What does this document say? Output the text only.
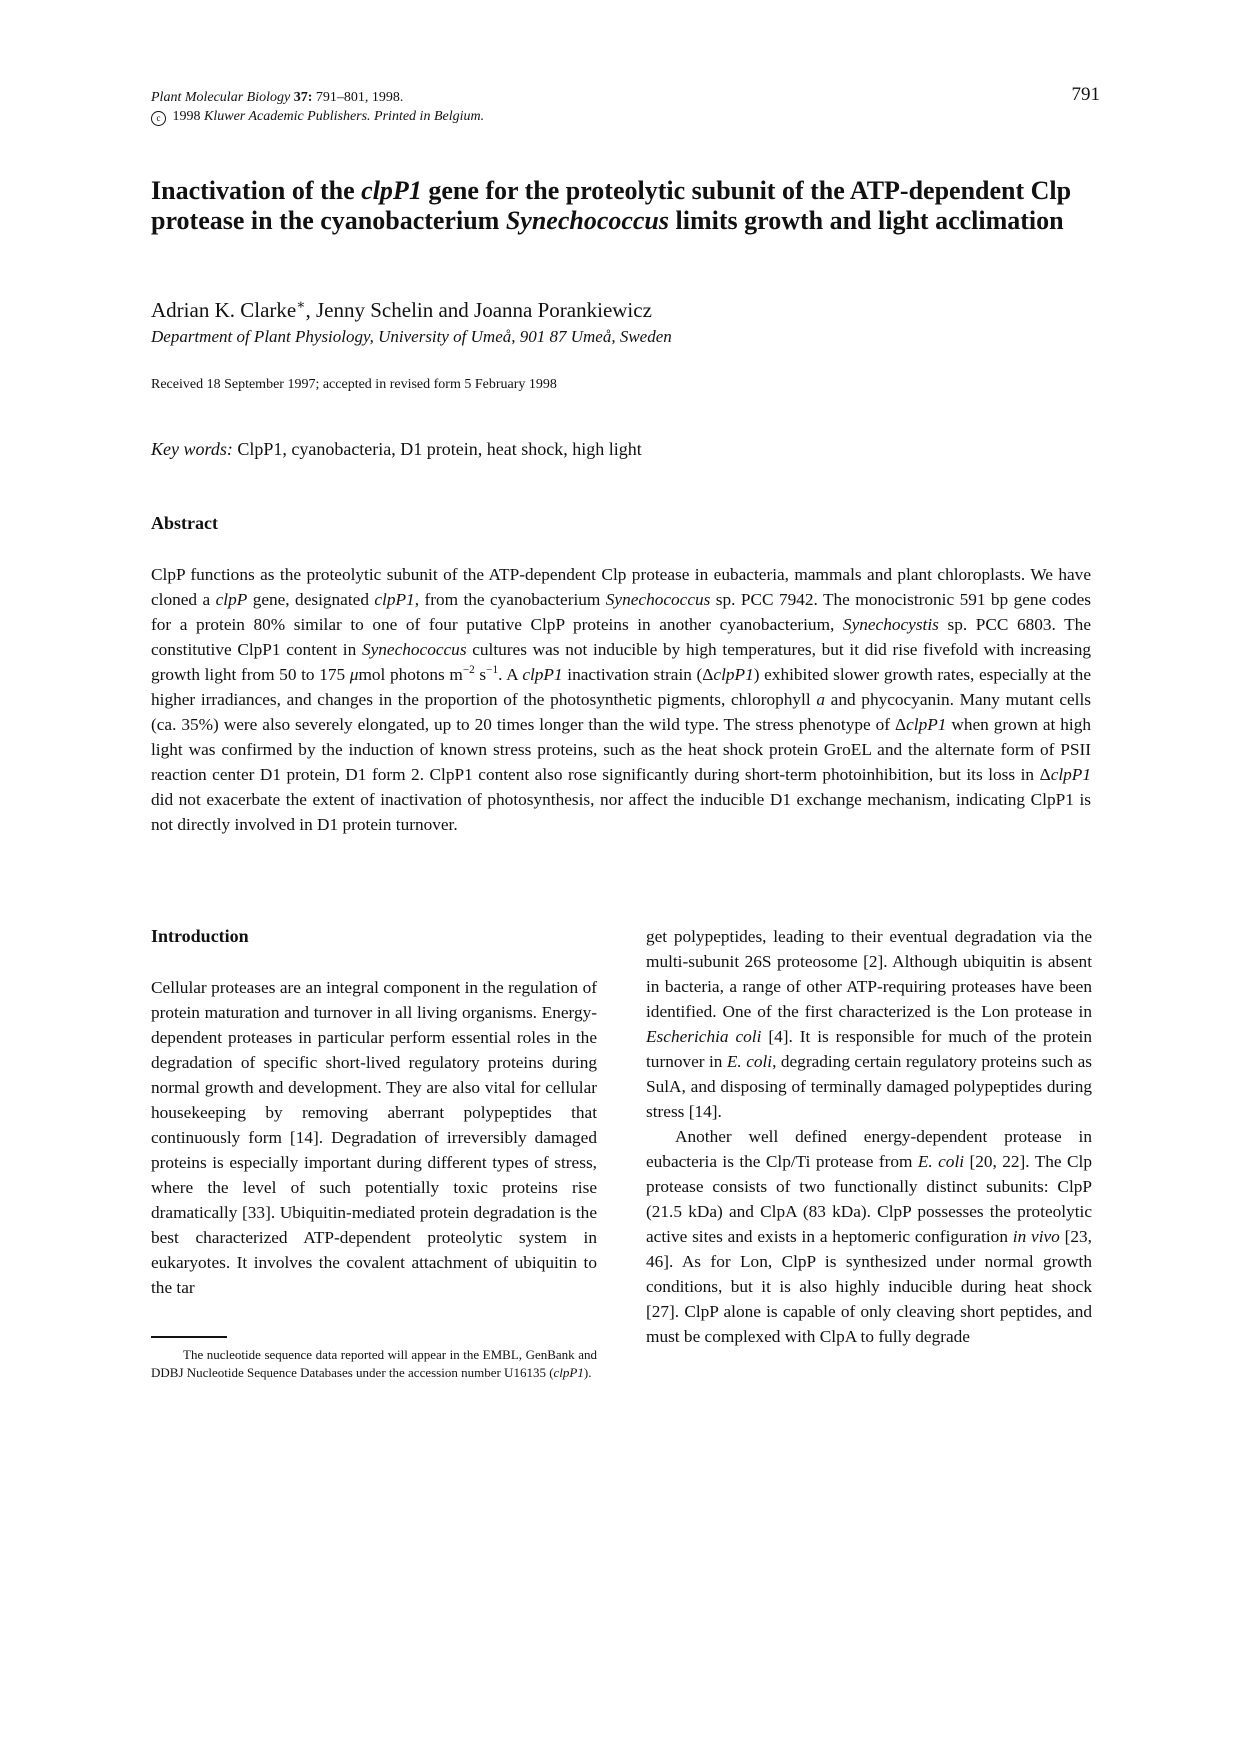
Plant Molecular Biology 37: 791–801, 1998.
c 1998 Kluwer Academic Publishers. Printed in Belgium.
791
Inactivation of the clpP1 gene for the proteolytic subunit of the ATP-dependent Clp protease in the cyanobacterium Synechococcus limits growth and light acclimation
Adrian K. Clarke∗, Jenny Schelin and Joanna Porankiewicz
Department of Plant Physiology, University of Umeå, 901 87 Umeå, Sweden
Received 18 September 1997; accepted in revised form 5 February 1998
Key words: ClpP1, cyanobacteria, D1 protein, heat shock, high light
Abstract
ClpP functions as the proteolytic subunit of the ATP-dependent Clp protease in eubacteria, mammals and plant chloroplasts. We have cloned a clpP gene, designated clpP1, from the cyanobacterium Synechococcus sp. PCC 7942. The monocistronic 591 bp gene codes for a protein 80% similar to one of four putative ClpP proteins in another cyanobacterium, Synechocystis sp. PCC 6803. The constitutive ClpP1 content in Synechococcus cultures was not inducible by high temperatures, but it did rise fivefold with increasing growth light from 50 to 175 μmol photons $m^{-2}$ $s^{-1}$. A clpP1 inactivation strain (ΔclpP1) exhibited slower growth rates, especially at the higher irradiances, and changes in the proportion of the photosynthetic pigments, chlorophyll a and phycocyanin. Many mutant cells (ca. 35%) were also severely elongated, up to 20 times longer than the wild type. The stress phenotype of ΔclpP1 when grown at high light was confirmed by the induction of known stress proteins, such as the heat shock protein GroEL and the alternate form of PSII reaction center D1 protein, D1 form 2. ClpP1 content also rose significantly during short-term photoinhibition, but its loss in ΔclpP1 did not exacerbate the extent of inactivation of photosynthesis, nor affect the inducible D1 exchange mechanism, indicating ClpP1 is not directly involved in D1 protein turnover.
Introduction

Cellular proteases are an integral component in the regulation of protein maturation and turnover in all living organisms. Energy-dependent proteases in particular perform essential roles in the degradation of specific short-lived regulatory proteins during normal growth and development. They are also vital for cellular housekeeping by removing aberrant polypeptides that continuously form [14]. Degradation of irreversibly damaged proteins is especially important during different types of stress, where the level of such potentially toxic proteins rise dramatically [33]. Ubiquitin-mediated protein degradation is the best characterized ATP-dependent proteolytic system in eukaryotes. It involves the covalent attachment of ubiquitin to the tar

get polypeptides, leading to their eventual degradation via the multi-subunit 26S proteosome [2]. Although ubiquitin is absent in bacteria, a range of other ATP-requiring proteases have been identified. One of the first characterized is the Lon protease in Escherichia coli [4]. It is responsible for much of the protein turnover in E. coli, degrading certain regulatory proteins such as SulA, and disposing of terminally damaged polypeptides during stress [14].

Another well defined energy-dependent protease in eubacteria is the Clp/Ti protease from E. coli [20, 22]. The Clp protease consists of two functionally distinct subunits: ClpP (21.5 kDa) and ClpA (83 kDa). ClpP possesses the proteolytic active sites and exists in a heptomeric configuration in vivo [23, 46]. As for Lon, ClpP is synthesized under normal growth conditions, but it is also highly inducible during heat shock [27]. ClpP alone is capable of only cleaving short peptides, and must be complexed with ClpA to fully degrade

The nucleotide sequence data reported will appear in the EMBL, GenBank and DDBJ Nucleotide Sequence Databases under the accession number U16135 (clpP1).
